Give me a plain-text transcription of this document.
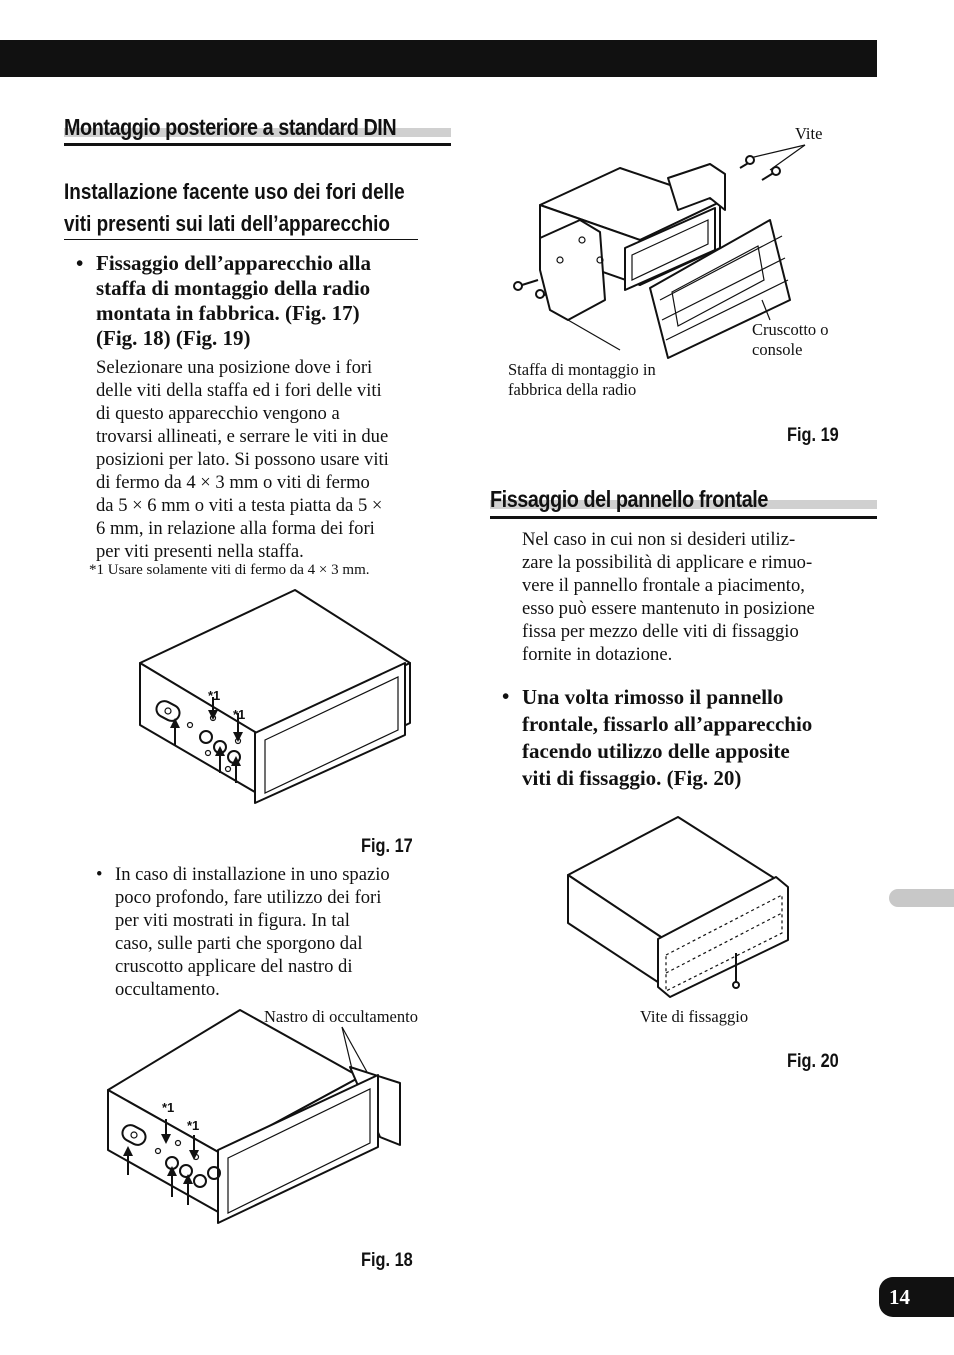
Montaggio posteriore a standard DIN
Installazione facente uso dei fori delle
viti presenti sui lati dell’apparecchio
• Fissaggio dell’apparecchio alla
staffa di montaggio della radio
montata in fabbrica. (Fig. 17)
(Fig. 18) (Fig. 19)
Selezionare una posizione dove i fori
delle viti della staffa ed i fori delle viti
di questo apparecchio vengono a
trovarsi allineati, e serrare le viti in due
posizioni per lato. Si possono usare viti
di fermo da 4 × 3 mm o viti di fermo
da 5 × 6 mm o viti a testa piatta da 5 ×
6 mm, in relazione alla forma dei fori
per viti presenti nella staffa.
*1 Usare solamente viti di fermo da 4 × 3 mm.
*1
*1
Fig. 17
• In caso di installazione in uno spazio
poco profondo, fare utilizzo dei fori
per viti mostrati in figura. In tal
caso, sulle parti che sporgono dal
cruscotto applicare del nastro di
occultamento.
Nastro di occultamento
*1
*1
Fig. 18
Vite
Cruscotto o
console
Staffa di montaggio in
fabbrica della radio
Fig. 19
Fissaggio del pannello frontale
Nel caso in cui non si desideri utiliz-
zare la possibilità di applicare e rimuo-
vere il pannello frontale a piacimento,
esso può essere mantenuto in posizione
fissa per mezzo delle viti di fissaggio
fornite in dotazione.
• Una volta rimosso il pannello
frontale, fissarlo all’apparecchio
facendo utilizzo delle apposite
viti di fissaggio. (Fig. 20)
Vite di fissaggio
Fig. 20
14
